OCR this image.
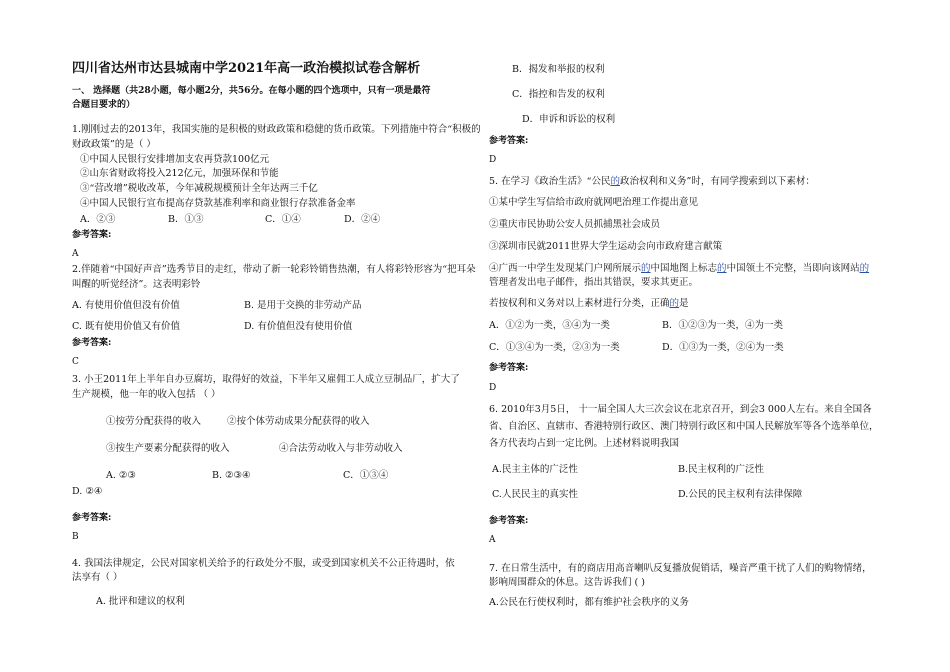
四川省达州市达县城南中学2021年高一政治模拟试卷含解析
一、 选择题（共28小题，每小题2分，共56分。在每小题的四个选项中，只有一项是最符
合题目要求的）
1.刚刚过去的2013年，我国实施的是积极的财政政策和稳健的货币政策。下列措施中符合“积极的
财政政策”的是（ ）
①中国人民银行安排增加支农再贷款100亿元
②山东省财政将投入212亿元，加强环保和节能
③“营改增”税收改革，今年减税规模预计全年达两三千亿
④中国人民银行宣布提高存贷款基准利率和商业银行存款准备金率
A．②③	B．①③	C．①④	D．②④
参考答案:
A
2.伴随着“中国好声音”选秀节目的走红，带动了新一轮彩铃销售热潮，有人将彩铃形容为“把耳朵
叫醒的听觉经济”。这表明彩铃
A. 有使用价值但没有价值	B. 是用于交换的非劳动产品
C. 既有使用价值又有价值	D. 有价值但没有使用价值
参考答案:
C
3. 小王2011年上半年自办豆腐坊，取得好的效益，下半年又雇佣工人成立豆制品厂，扩大了
生产规模，他一年的收入包括 （ ）
①按劳分配获得的收入	②按个体劳动成果分配获得的收入
③按生产要素分配获得的收入	④合法劳动收入与非劳动收入
A. ②③	B. ②③④	C．①③④
D. ②④
参考答案:
B
4. 我国法律规定，公民对国家机关给予的行政处分不服，或受到国家机关不公正待遇时，依
法享有（ ）
A. 批评和建议的权利
B．揭发和举报的权利
C．指控和告发的权利
D．申诉和诉讼的权利
参考答案:
D
5. 在学习《政治生活》“公民的政治权利和义务”时，有同学搜索到以下素材：
①某中学生写信给市政府就网吧治理工作提出意见
②重庆市民协助公安人员抓捕黑社会成员
③深圳市民就2011世界大学生运动会向市政府建言献策
④广西一中学生发现某门户网所展示的中国地图上标志的中国领土不完整，当即向该网站的
管理者发出电子邮件，指出其错误，要求其更正。
若按权利和义务对以上素材进行分类，正确的是
A．①②为一类，③④为一类	B．①②③为一类，④为一类
C．①③④为一类，②③为一类	D．①③为一类，②④为一类
参考答案:
D
6. 2010年3月5日， 十一届全国人大三次会议在北京召开，到会3 000人左右。来自全国各
省、自治区、直辖市、香港特别行政区、澳门特别行政区和中国人民解放军等各个选举单位，
各方代表均占到一定比例。上述材料说明我国
A.民主主体的广泛性	B.民主权利的广泛性
C.人民民主的真实性	D.公民的民主权利有法律保障
参考答案:
A
7. 在日常生活中，有的商店用高音喇叭反复播放促销话，噪音严重干扰了人们的购物情绪，
影响周围群众的休息。这告诉我们 ( )
A.公民在行使权利时，都有维护社会秩序的义务
